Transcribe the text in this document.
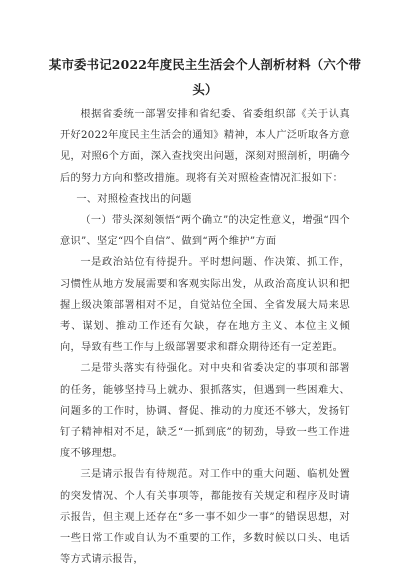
某市委书记2022年度民主生活会个人剖析材料（六个带头）

根据省委统一部署安排和省纪委、省委组织部《关于认真开好2022年度民主生活会的通知》精神，本人广泛听取各方意见，对照6个方面，深入查找突出问题，深刻对照剖析，明确今后的努力方向和整改措施。现将有关对照检查情况汇报如下：

一、对照检查找出的问题

（一）带头深刻领悟“两个确立”的决定性意义，增强“四个意识”、坚定“四个自信”、做到“两个维护”方面

一是政治站位有待提升。平时想问题、作决策、抓工作，习惯性从地方发展需要和客观实际出发，从政治高度认识和把握上级决策部署相对不足，自觉站位全国、全省发展大局来思考、谋划、推动工作还有欠缺，存在地方主义、本位主义倾向，导致有些工作与上级部署要求和群众期待还有一定差距。

二是带头落实有待强化。对中央和省委决定的事项和部署的任务，能够坚持马上就办、狠抓落实，但遇到一些困难大、问题多的工作时，协调、督促、推动的力度还不够大，发扬钉钉子精神相对不足，缺乏“一抓到底”的韧劲，导致一些工作进度不够理想。

三是请示报告有待规范。对工作中的重大问题、临机处置的突发情况、个人有关事项等，都能按有关规定和程序及时请示报告，但主观上还存在“多一事不如少一事”的错误思想，对一些日常工作或自认为不重要的工作，多数时候以口头、电话等方式请示报告，
